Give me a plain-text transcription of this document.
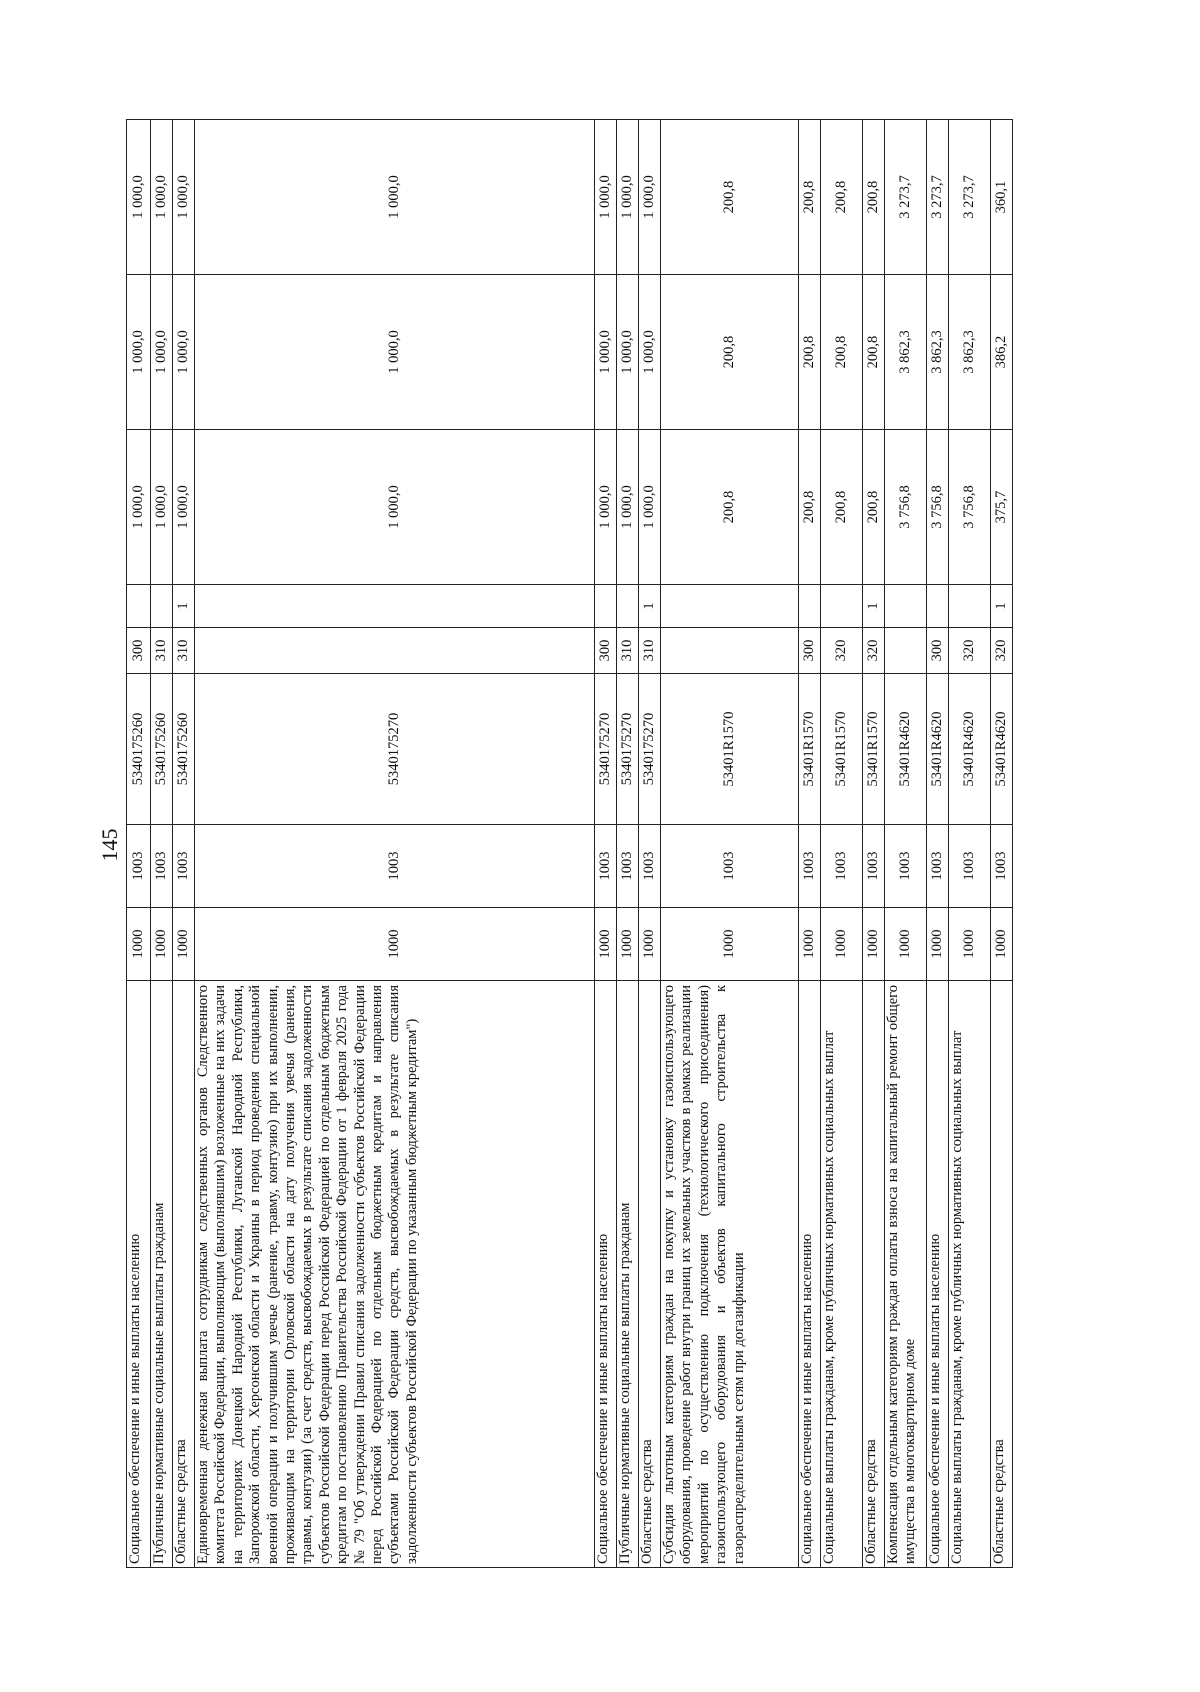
145
Социальное обеспечение и иные выплаты населению	1000	1003	5340175260	300		1 000,0	1 000,0	1 000,0
Публичные нормативные социальные выплаты гражданам	1000	1003	5340175260	310		1 000,0	1 000,0	1 000,0
Областные средства	1000	1003	5340175260	310	1	1 000,0	1 000,0	1 000,0
Единовременная денежная выплата сотрудникам следственных органов Следственного комитета Российской Федерации, выполняющим (выполнявшим) возложенные на них задачи на территориях Донецкой Народной Республики, Луганской Народной Республики, Запорожской области, Херсонской области и Украины в период проведения специальной военной операции и получившим увечье (ранение, травму, контузию) при их выполнении, проживающим на территории Орловской области на дату получения увечья (ранения, травмы, контузии) (за счет средств, высвобождаемых в результате списания задолженности субъектов Российской Федерации перед Российской Федерацией по отдельным бюджетным кредитам по постановлению Правительства Российской Федерации от 1 февраля 2025 года № 79 "Об утверждении Правил списания задолженности субъектов Российской Федерации перед Российской Федерацией по отдельным бюджетным кредитам и направления субъектами Российской Федерации средств, высвобождаемых в результате списания задолженности субъектов Российской Федерации по указанным бюджетным кредитам")	1000	1003	5340175270			1 000,0	1 000,0	1 000,0
Социальное обеспечение и иные выплаты населению	1000	1003	5340175270	300		1 000,0	1 000,0	1 000,0
Публичные нормативные социальные выплаты гражданам	1000	1003	5340175270	310		1 000,0	1 000,0	1 000,0
Областные средства	1000	1003	5340175270	310	1	1 000,0	1 000,0	1 000,0
Субсидия льготным категориям граждан на покупку и установку газоиспользующего оборудования, проведение работ внутри границ их земельных участков в рамках реализации мероприятий по осуществлению подключения (технологического присоединения) газоиспользующего оборудования и объектов капитального строительства к газораспределительным сетям при догазификации	1000	1003	53401R1570			200,8	200,8	200,8
Социальное обеспечение и иные выплаты населению	1000	1003	53401R1570	300		200,8	200,8	200,8
Социальные выплаты гражданам, кроме публичных нормативных социальных выплат	1000	1003	53401R1570	320		200,8	200,8	200,8
Областные средства	1000	1003	53401R1570	320	1	200,8	200,8	200,8
Компенсация отдельным категориям граждан оплаты взноса на капитальный ремонт общего имущества в многоквартирном доме	1000	1003	53401R4620			3 756,8	3 862,3	3 273,7
Социальное обеспечение и иные выплаты населению	1000	1003	53401R4620	300		3 756,8	3 862,3	3 273,7
Социальные выплаты гражданам, кроме публичных нормативных социальных выплат	1000	1003	53401R4620	320		3 756,8	3 862,3	3 273,7
Областные средства	1000	1003	53401R4620	320	1	375,7	386,2	360,1
